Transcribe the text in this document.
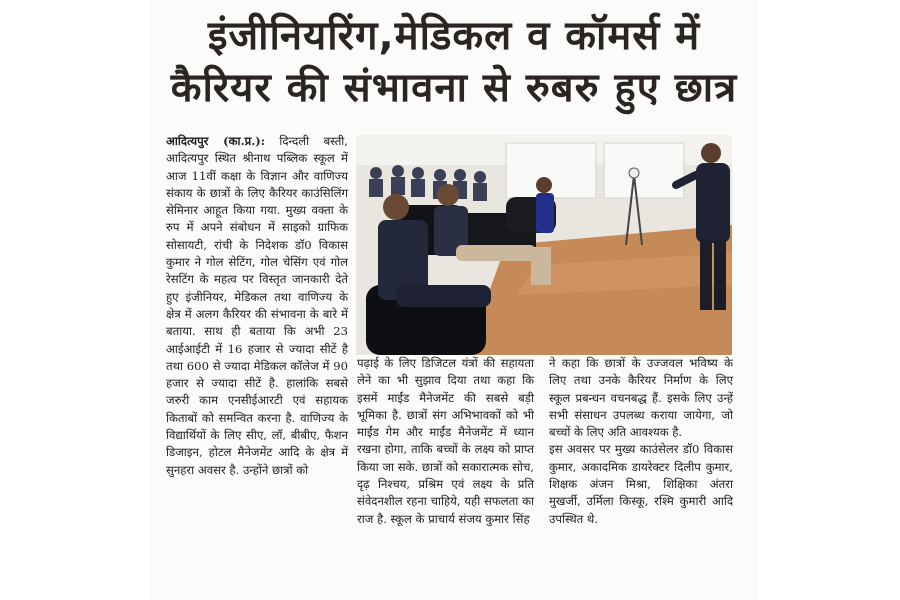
इंजीनियरिंग,मेडिकल व कॉमर्स में
कैरियर की संभावना से रुबरु हुए छात्र

आदित्यपुर (का.प्र.): दिन्दली बस्ती, आदित्यपुर स्थित श्रीनाथ पब्लिक स्कूल में आज 11वीं कक्षा के विज्ञान और वाणिज्य संकाय के छात्रों के लिए कैरियर काउंसिलिंग सेमिनार आहूत किया गया. मुख्य वक्ता के रुप में अपने संबोधन में साइको ग्राफिक सोसायटी, रांची के निदेशक डॉ0 विकास कुमार ने गोल सेटिंग, गोल चेसिंग एवं गोल रेसटिंग के महत्व पर विस्तृत जानकारी देते हुए इंजीनियर, मेडिकल तथा वाणिज्य के क्षेत्र में अलग कैरियर की संभावना के बारे में बताया. साथ ही बताया कि अभी 23 आईआईटी में 16 हजार से ज्यादा सीटें है तथा 600 से ज्यादा मेडिकल कॉलेज में 90 हजार से ज्यादा सीटें है. हालांकि सबसे जरुरी काम एनसीईआरटी एवं सहायक किताबों को समन्वित करना है. वाणिज्य के विद्यार्थियों के लिए सीए, लॉ, बीबीए, फैशन डिजाइन, होटल मैनेजमेंट आदि के क्षेत्र में सुनहरा अवसर है. उन्होंने छात्रों को

पढ़ाई के लिए डिजिटल यंत्रों की सहायता लेने का भी सुझाव दिया तथा कहा कि इसमें माईंड मैनेजमेंट की सबसे बड़ी भूमिका है. छात्रों संग अभिभावकों को भी माईंड गेम और माईंड मैनेजमेंट में ध्यान रखना होगा, ताकि बच्चों के लक्ष्य को प्राप्त किया जा सके. छात्रों को सकारात्मक सोच, दृढ़ निश्चय, प्रश्रिम एवं लक्ष्य के प्रति संवेदनशील रहना चाहिये, यही सफलता का राज है. स्कूल के प्राचार्य संजय कुमार सिंह

ने कहा कि छात्रों के उज्जवल भविष्य के लिए तथा उनके कैरियर निर्माण के लिए स्कूल प्रबन्धन वचनबद्ध हैं. इसके लिए उन्हें सभी संसाधन उपलब्ध कराया जायेगा, जो बच्चों के लिए अति आवश्यक है.

इस अवसर पर मुख्य काउंसेलर डॉ0 विकास कुमार, अकादमिक डायरेक्टर दिलीप कुमार, शिक्षक अंजन मिश्रा, शिक्षिका अंतरा मुखर्जी, उर्मिला किस्कू, रश्मि कुमारी आदि उपस्थित थे.
